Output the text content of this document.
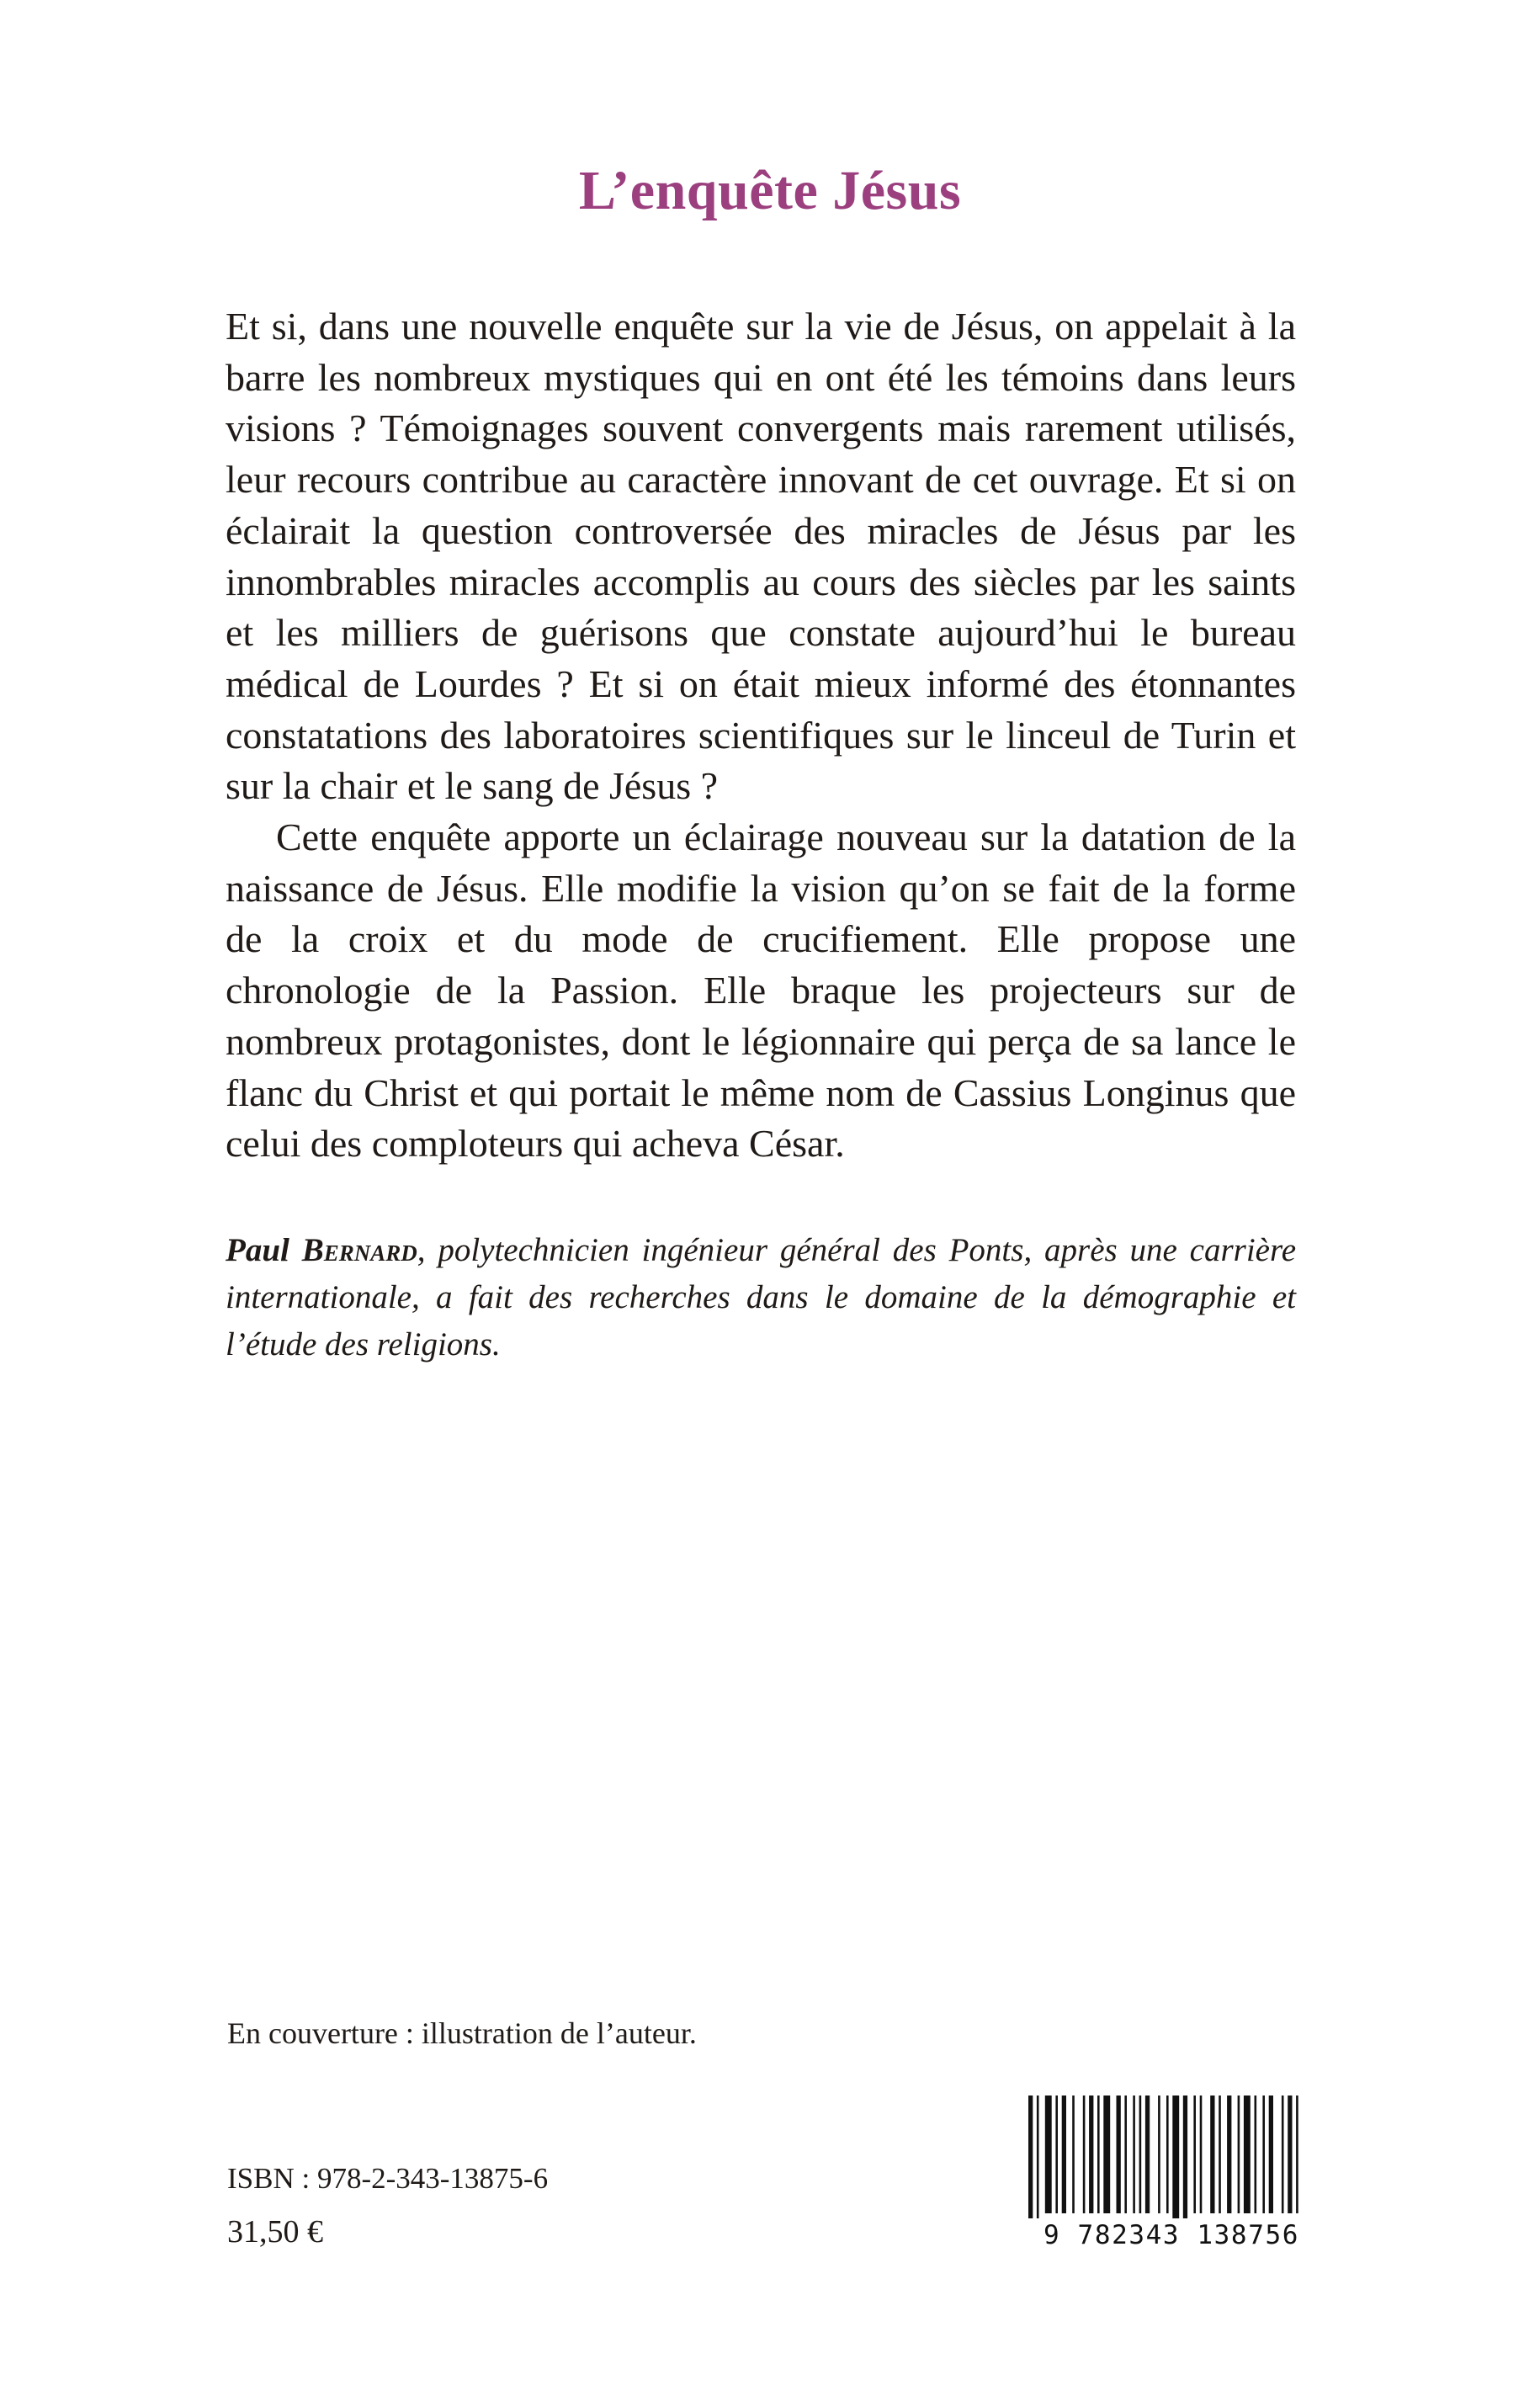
L’enquête Jésus

Et si, dans une nouvelle enquête sur la vie de Jésus, on appelait à la barre les nombreux mystiques qui en ont été les témoins dans leurs visions ? Témoignages souvent convergents mais rarement utilisés, leur recours contribue au caractère innovant de cet ouvrage. Et si on éclairait la question controversée des miracles de Jésus par les innombrables miracles accomplis au cours des siècles par les saints et les milliers de guérisons que constate aujourd’hui le bureau médical de Lourdes ? Et si on était mieux informé des étonnantes constatations des laboratoires scientifiques sur le linceul de Turin et sur la chair et le sang de Jésus ?

Cette enquête apporte un éclairage nouveau sur la datation de la naissance de Jésus. Elle modifie la vision qu’on se fait de la forme de la croix et du mode de crucifiement. Elle propose une chronologie de la Passion. Elle braque les projecteurs sur de nombreux protagonistes, dont le légionnaire qui perça de sa lance le flanc du Christ et qui portait le même nom de Cassius Longinus que celui des comploteurs qui acheva César.

Paul Bernard, polytechnicien ingénieur général des Ponts, après une carrière internationale, a fait des recherches dans le domaine de la démographie et l’étude des religions.

En couverture : illustration de l’auteur.
ISBN : 978-2-343-13875-6
31,50 €	9 782343 138756
